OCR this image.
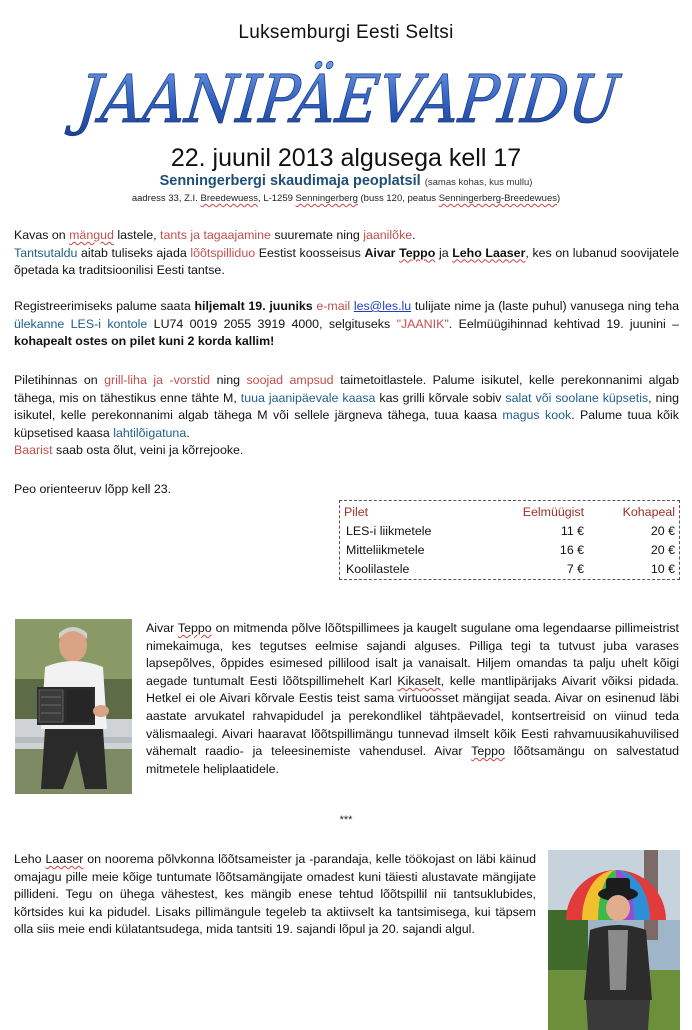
Luksemburgi Eesti Seltsi
JAANIPÄEVAPIDU
22. juunil 2013 algusega kell 17
Senningerbergi skaudimaja peoplatsil (samas kohas, kus mullu)
aadress 33, Z.I. Breedewuess, L-1259 Senningerberg (buss 120, peatus Senningerberg-Breedewues)
Kavas on mängud lastele, tants ja tagaajamine suuremate ning jaanilõke.
Tantsutaldu aitab tuliseks ajada lõõtspilliduo Eestist koosseisus Aivar Teppo ja Leho Laaser, kes on lubanud soovijatele õpetada ka traditsioonilisi Eesti tantse.
Registreerimiseks palume saata hiljemalt 19. juuniks e-mail les@les.lu tulijate nime ja (laste puhul) vanusega ning teha ülekanne LES-i kontole LU74 0019 2055 3919 4000, selgituseks "JAANIK". Eelmüügihinnad kehtivad 19. juunini – kohapealt ostes on pilet kuni 2 korda kallim!
Piletihinnas on grill-liha ja -vorstid ning soojad ampsud taimetoitlastele. Palume isikutel, kelle perekonnanimi algab tähega, mis on tähestikus enne tähte M, tuua jaanipäevale kaasa kas grilli kõrvale sobiv salat või soolane küpsetis, ning isikutel, kelle perekonnanimi algab tähega M või sellele järgneva tähega, tuua kaasa magus kook. Palume tuua kõik küpsetised kaasa lahtilõigatuna.
Baarist saab osta õlut, veini ja kõrrejooke.
Peo orienteeruv lõpp kell 23.
Pilet	Eelmüügist	Kohapeal
LES-i liikmetele	11 €	20 €
Mitteliikmetele	16 €	20 €
Koolilastele	7 €	10 €
Aivar Teppo on mitmenda põlve lõõtspillimees ja kaugelt sugulane oma legendaarse pillimeistrist nimekaimuga, kes tegutses eelmise sajandi alguses. Pilliga tegi ta tutvust juba varases lapsepõlves, õppides esimesed pillilood isalt ja vanaisalt. Hiljem omandas ta palju uhelt kõigi aegade tuntumalt Eesti lõõtspillimehelt Karl Kikaselt, kelle mantlipärijaks Aivarit võiksi pidada. Hetkel ei ole Aivari kõrvale Eestis teist sama virtuoosset mängijat seada. Aivar on esinenud läbi aastate arvukatel rahvapidudel ja perekondlikel tähtpäevadel, kontsertreisid on viinud teda välismaalegi. Aivari haaravat lõõtspillimängu tunnevad ilmselt kõik Eesti rahvamuusikahuvilised vähemalt raadio- ja teleesinemiste vahendusel. Aivar Teppo lõõtsamängu on salvestatud mitmetele heliplaatidele.
***
Leho Laaser on noorema põlvkonna lõõtsameister ja -parandaja, kelle töökojast on läbi käinud omajagu pille meie kõige tuntumate lõõtsamängijate omadest kuni täiesti alustavate mängijate pillideni. Tegu on ühega vähestest, kes mängib enese tehtud lõõtspillil nii tantsuklubides, kõrtsides kui ka pidudel. Lisaks pillimängule tegeleb ta aktiivselt ka tantsimisega, kui täpsem olla siis meie endi külatantsudega, mida tantsiti 19. sajandi lõpul ja 20. sajandi algul.
